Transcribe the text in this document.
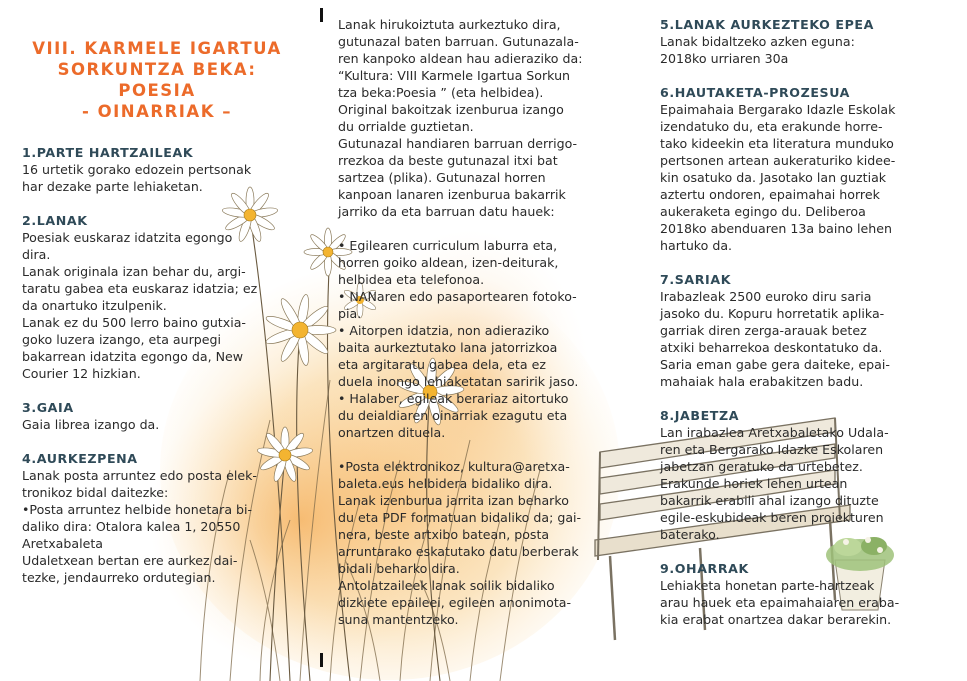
VIII. KARMELE IGARTUA
SORKUNTZA BEKA:
POESIA
- OINARRIAK –
1.PARTE HARTZAILEAK
16 urtetik gorako edozein pertsonak
har dezake parte lehiaketan.
2.LANAK
Poesiak euskaraz idatzita egongo
dira.
Lanak originala izan behar du, argi-
taratu gabea eta euskaraz idatzia; ez
da onartuko itzulpenik.
Lanak ez du 500 lerro baino gutxia-
goko luzera izango, eta aurpegi
bakarrean idatzita egongo da, New
Courier 12 hizkian.
3.GAIA
Gaia librea izango da.
4.AURKEZPENA
Lanak posta arruntez edo posta elek-
tronikoz bidal daitezke:
•Posta arruntez helbide honetara bi-
daliko dira: Otalora kalea 1, 20550
Aretxabaleta
Udaletxean bertan ere aurkez dai-
tezke, jendaurreko ordutegian.
Lanak hirukoiztuta aurkeztuko dira,
gutunazal baten barruan. Gutunazala-
ren kanpoko aldean hau adieraziko da:
“Kultura: VIII Karmele Igartua Sorkun
tza beka:Poesia ” (eta helbidea).
Original bakoitzak izenburua izango
du orrialde guztietan.
Gutunazal handiaren barruan derrigo-
rrezkoa da beste gutunazal itxi bat
sartzea (plika). Gutunazal horren
kanpoan lanaren izenburua bakarrik
jarriko da eta barruan datu hauek:
• Egilearen curriculum laburra eta,
horren goiko aldean, izen-deiturak,
helbidea eta telefonoa.
• NANaren edo pasaportearen fotoko-
pia.
• Aitorpen idatzia, non adieraziko
baita aurkeztutako lana jatorrizkoa
eta argitaratu gabea dela, eta ez
duela inongo lehiaketatan saririk jaso.
• Halaber, egileak berariaz aitortuko
du deialdiaren oinarriak ezagutu eta
onartzen dituela.
•Posta elektronikoz, kultura@aretxa-
baleta.eus helbidera bidaliko dira.
Lanak izenburua jarrita izan beharko
du eta PDF formatuan bidaliko da; gai-
nera, beste artxibo batean, posta
arruntarako eskatutako datu berberak
bidali beharko dira.
Antolatzaileek lanak soilik bidaliko
dizkiete epaileei, egileen anonimota-
suna mantentzeko.
5.LANAK AURKEZTEKO EPEA
Lanak bidaltzeko azken eguna:
2018ko urriaren 30a
6.HAUTAKETA-PROZESUA
Epaimahaia Bergarako Idazle Eskolak
izendatuko du, eta erakunde horre-
tako kideekin eta literatura munduko
pertsonen artean aukeraturiko kidee-
kin osatuko da. Jasotako lan guztiak
aztertu ondoren, epaimahai horrek
aukeraketa egingo du. Deliberoa
2018ko abenduaren 13a baino lehen
hartuko da.
7.SARIAK
Irabazleak 2500 euroko diru saria
jasoko du. Kopuru horretatik aplika-
garriak diren zerga-arauak betez
atxiki beharrekoa deskontatuko da.
Saria eman gabe gera daiteke, epai-
mahaiak hala erabakitzen badu.
8.JABETZA
Lan irabazlea Aretxabaletako Udala-
ren eta Bergarako Idazke Eskolaren
jabetzan geratuko da urtebetez.
Erakunde horiek lehen urtean
bakarrik erabili ahal izango dituzte
egile-eskubideak beren proiekturen
baterako.
9.OHARRAK
Lehiaketa honetan parte-hartzeak
arau hauek eta epaimahaiaren eraba-
kia erabat onartzea dakar berarekin.
